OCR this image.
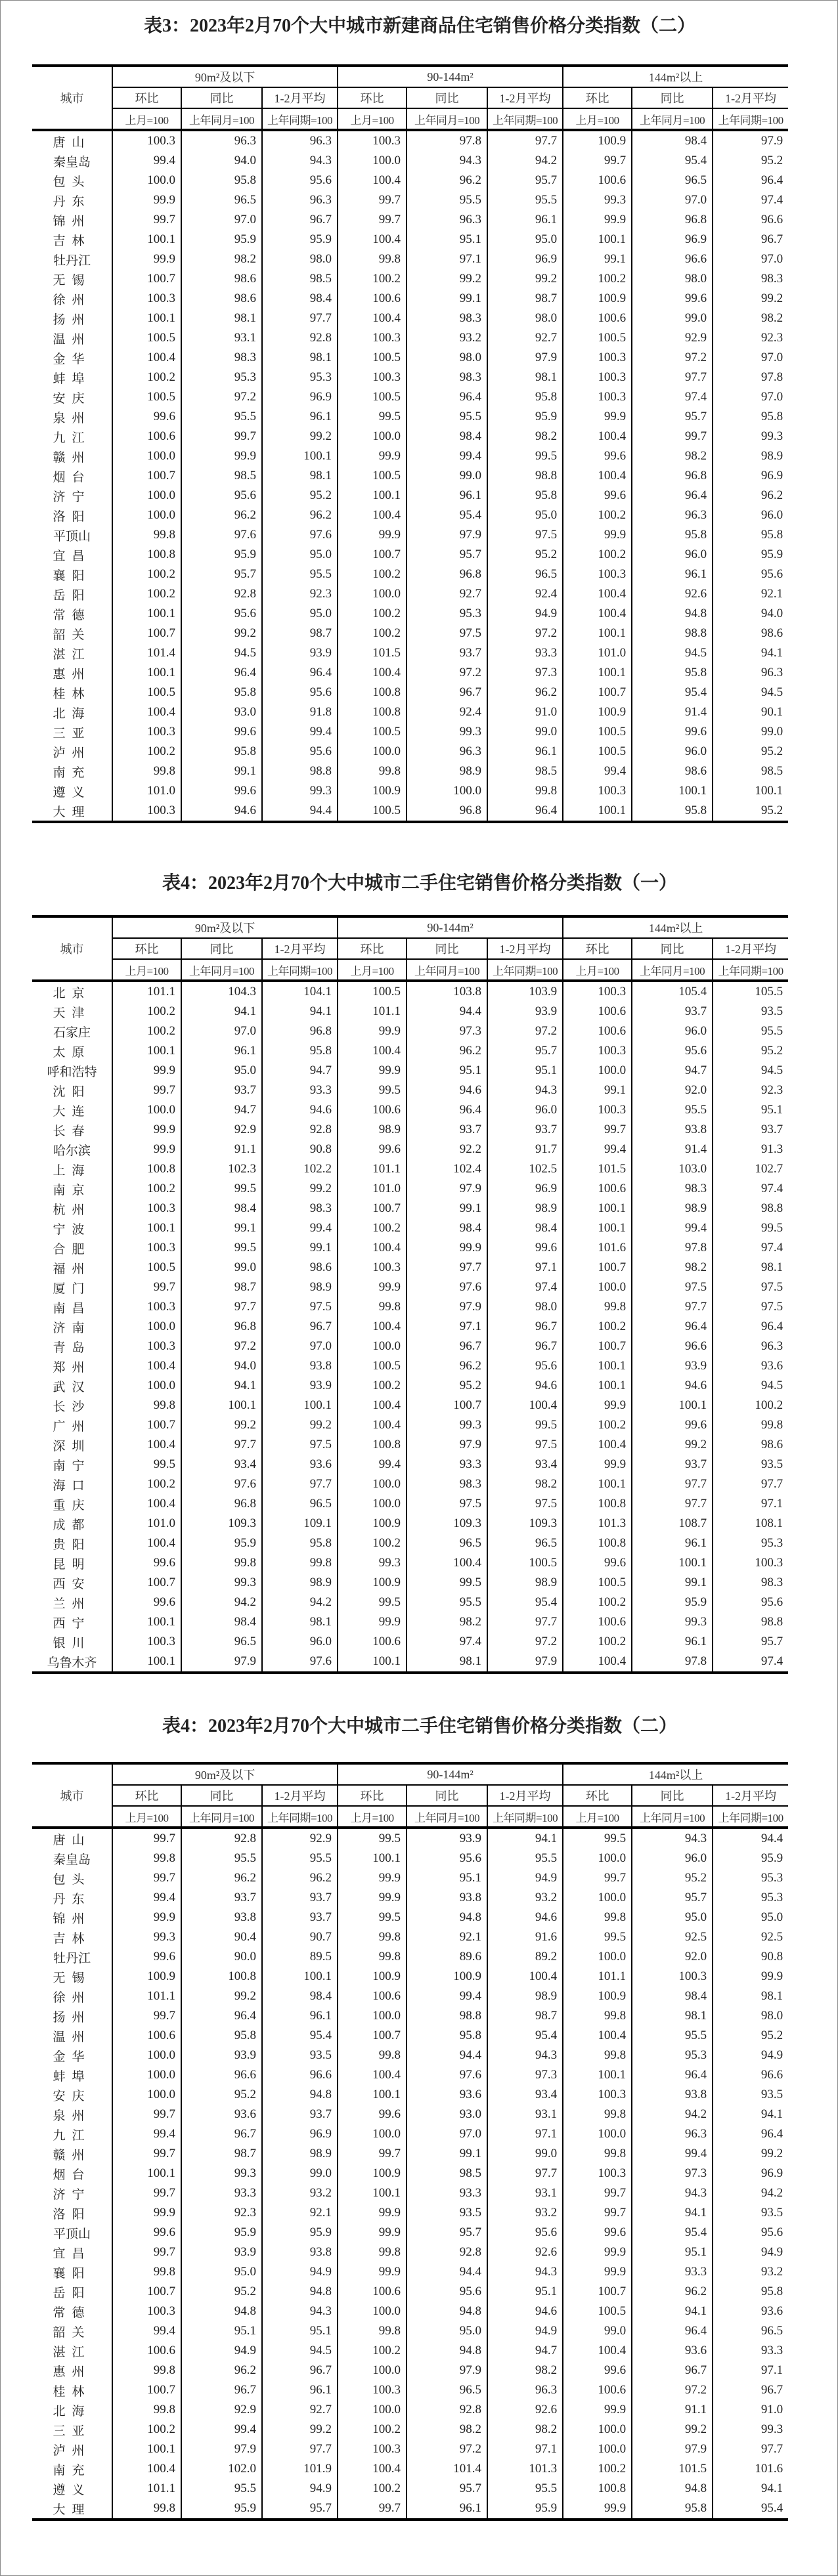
表3：2023年2月70个大中城市新建商品住宅销售价格分类指数（二）
城市	90m²及以下			90-144m²			144m²以上		
	环比	同比	1-2月平均	环比	同比	1-2月平均	环比	同比	1-2月平均
	上月=100	上年同月=100	上年同期=100	上月=100	上年同月=100	上年同期=100	上月=100	上年同月=100	上年同期=100
唐山	100.3	96.3	96.3	100.3	97.8	97.7	100.9	98.4	97.9
秦皇岛	99.4	94.0	94.3	100.0	94.3	94.2	99.7	95.4	95.2
包头	100.0	95.8	95.6	100.4	96.2	95.7	100.6	96.5	96.4
丹东	99.9	96.5	96.3	99.7	95.5	95.5	99.3	97.0	97.4
锦州	99.7	97.0	96.7	99.7	96.3	96.1	99.9	96.8	96.6
吉林	100.1	95.9	95.9	100.4	95.1	95.0	100.1	96.9	96.7
牡丹江	99.9	98.2	98.0	99.8	97.1	96.9	99.1	96.6	97.0
无锡	100.7	98.6	98.5	100.2	99.2	99.2	100.2	98.0	98.3
徐州	100.3	98.6	98.4	100.6	99.1	98.7	100.9	99.6	99.2
扬州	100.1	98.1	97.7	100.4	98.3	98.0	100.6	99.0	98.2
温州	100.5	93.1	92.8	100.3	93.2	92.7	100.5	92.9	92.3
金华	100.4	98.3	98.1	100.5	98.0	97.9	100.3	97.2	97.0
蚌埠	100.2	95.3	95.3	100.3	98.3	98.1	100.3	97.7	97.8
安庆	100.5	97.2	96.9	100.5	96.4	95.8	100.3	97.4	97.0
泉州	99.6	95.5	96.1	99.5	95.5	95.9	99.9	95.7	95.8
九江	100.6	99.7	99.2	100.0	98.4	98.2	100.4	99.7	99.3
赣州	100.0	99.9	100.1	99.9	99.4	99.5	99.6	98.2	98.9
烟台	100.7	98.5	98.1	100.5	99.0	98.8	100.4	96.8	96.9
济宁	100.0	95.6	95.2	100.1	96.1	95.8	99.6	96.4	96.2
洛阳	100.0	96.2	96.2	100.4	95.4	95.0	100.2	96.3	96.0
平顶山	99.8	97.6	97.6	99.9	97.9	97.5	99.9	95.8	95.8
宜昌	100.8	95.9	95.0	100.7	95.7	95.2	100.2	96.0	95.9
襄阳	100.2	95.7	95.5	100.2	96.8	96.5	100.3	96.1	95.6
岳阳	100.2	92.8	92.3	100.0	92.7	92.4	100.4	92.6	92.1
常德	100.1	95.6	95.0	100.2	95.3	94.9	100.4	94.8	94.0
韶关	100.7	99.2	98.7	100.2	97.5	97.2	100.1	98.8	98.6
湛江	101.4	94.5	93.9	101.5	93.7	93.3	101.0	94.5	94.1
惠州	100.1	96.4	96.4	100.4	97.2	97.3	100.1	95.8	96.3
桂林	100.5	95.8	95.6	100.8	96.7	96.2	100.7	95.4	94.5
北海	100.4	93.0	91.8	100.8	92.4	91.0	100.9	91.4	90.1
三亚	100.3	99.6	99.4	100.5	99.3	99.0	100.5	99.6	99.0
泸州	100.2	95.8	95.6	100.0	96.3	96.1	100.5	96.0	95.2
南充	99.8	99.1	98.8	99.8	98.9	98.5	99.4	98.6	98.5
遵义	101.0	99.6	99.3	100.9	100.0	99.8	100.3	100.1	100.1
大理	100.3	94.6	94.4	100.5	96.8	96.4	100.1	95.8	95.2
表4：2023年2月70个大中城市二手住宅销售价格分类指数（一）
城市	90m²及以下			90-144m²			144m²以上		
	环比	同比	1-2月平均	环比	同比	1-2月平均	环比	同比	1-2月平均
	上月=100	上年同月=100	上年同期=100	上月=100	上年同月=100	上年同期=100	上月=100	上年同月=100	上年同期=100
北京	101.1	104.3	104.1	100.5	103.8	103.9	100.3	105.4	105.5
天津	100.2	94.1	94.1	101.1	94.4	93.9	100.6	93.7	93.5
石家庄	100.2	97.0	96.8	99.9	97.3	97.2	100.6	96.0	95.5
太原	100.1	96.1	95.8	100.4	96.2	95.7	100.3	95.6	95.2
呼和浩特	99.9	95.0	94.7	99.9	95.1	95.1	100.0	94.7	94.5
沈阳	99.7	93.7	93.3	99.5	94.6	94.3	99.1	92.0	92.3
大连	100.0	94.7	94.6	100.6	96.4	96.0	100.3	95.5	95.1
长春	99.9	92.9	92.8	98.9	93.7	93.7	99.7	93.8	93.7
哈尔滨	99.9	91.1	90.8	99.6	92.2	91.7	99.4	91.4	91.3
上海	100.8	102.3	102.2	101.1	102.4	102.5	101.5	103.0	102.7
南京	100.2	99.5	99.2	101.0	97.9	96.9	100.6	98.3	97.4
杭州	100.3	98.4	98.3	100.7	99.1	98.9	100.1	98.9	98.8
宁波	100.1	99.1	99.4	100.2	98.4	98.4	100.1	99.4	99.5
合肥	100.3	99.5	99.1	100.4	99.9	99.6	101.6	97.8	97.4
福州	100.5	99.0	98.6	100.3	97.7	97.1	100.7	98.2	98.1
厦门	99.7	98.7	98.9	99.9	97.6	97.4	100.0	97.5	97.5
南昌	100.3	97.7	97.5	99.8	97.9	98.0	99.8	97.7	97.5
济南	100.0	96.8	96.7	100.4	97.1	96.7	100.2	96.4	96.4
青岛	100.3	97.2	97.0	100.0	96.7	96.7	100.7	96.6	96.3
郑州	100.4	94.0	93.8	100.5	96.2	95.6	100.1	93.9	93.6
武汉	100.0	94.1	93.9	100.2	95.2	94.6	100.1	94.6	94.5
长沙	99.8	100.1	100.1	100.4	100.7	100.4	99.9	100.1	100.2
广州	100.7	99.2	99.2	100.4	99.3	99.5	100.2	99.6	99.8
深圳	100.4	97.7	97.5	100.8	97.9	97.5	100.4	99.2	98.6
南宁	99.5	93.4	93.6	99.4	93.3	93.4	99.9	93.7	93.5
海口	100.2	97.6	97.7	100.0	98.3	98.2	100.1	97.7	97.7
重庆	100.4	96.8	96.5	100.0	97.5	97.5	100.8	97.7	97.1
成都	101.0	109.3	109.1	100.9	109.3	109.3	101.3	108.7	108.1
贵阳	100.4	95.9	95.8	100.2	96.5	96.5	100.8	96.1	95.3
昆明	99.6	99.8	99.8	99.3	100.4	100.5	99.6	100.1	100.3
西安	100.7	99.3	98.9	100.9	99.5	98.9	100.5	99.1	98.3
兰州	99.6	94.2	94.2	99.5	95.5	95.4	100.2	95.9	95.6
西宁	100.1	98.4	98.1	99.9	98.2	97.7	100.6	99.3	98.8
银川	100.3	96.5	96.0	100.6	97.4	97.2	100.2	96.1	95.7
乌鲁木齐	100.1	97.9	97.6	100.1	98.1	97.9	100.4	97.8	97.4
表4：2023年2月70个大中城市二手住宅销售价格分类指数（二）
城市	90m²及以下			90-144m²			144m²以上		
	环比	同比	1-2月平均	环比	同比	1-2月平均	环比	同比	1-2月平均
	上月=100	上年同月=100	上年同期=100	上月=100	上年同月=100	上年同期=100	上月=100	上年同月=100	上年同期=100
唐山	99.7	92.8	92.9	99.5	93.9	94.1	99.5	94.3	94.4
秦皇岛	99.8	95.5	95.5	100.1	95.6	95.5	100.0	96.0	95.9
包头	99.7	96.2	96.2	99.9	95.1	94.9	99.7	95.2	95.3
丹东	99.4	93.7	93.7	99.9	93.8	93.2	100.0	95.7	95.3
锦州	99.9	93.8	93.7	99.5	94.8	94.6	99.8	95.0	95.0
吉林	99.3	90.4	90.7	99.8	92.1	91.6	99.5	92.5	92.5
牡丹江	99.6	90.0	89.5	99.8	89.6	89.2	100.0	92.0	90.8
无锡	100.9	100.8	100.1	100.9	100.9	100.4	101.1	100.3	99.9
徐州	101.1	99.2	98.4	100.6	99.4	98.9	100.9	98.4	98.1
扬州	99.7	96.4	96.1	100.0	98.8	98.7	99.8	98.1	98.0
温州	100.6	95.8	95.4	100.7	95.8	95.4	100.4	95.5	95.2
金华	100.0	93.9	93.5	99.8	94.4	94.3	99.8	95.3	94.9
蚌埠	100.0	96.6	96.6	100.4	97.6	97.3	100.1	96.4	96.6
安庆	100.0	95.2	94.8	100.1	93.6	93.4	100.3	93.8	93.5
泉州	99.7	93.6	93.7	99.6	93.0	93.1	99.8	94.2	94.1
九江	99.4	96.7	96.9	100.0	97.0	97.1	100.0	96.3	96.4
赣州	99.7	98.7	98.9	99.7	99.1	99.0	99.8	99.4	99.2
烟台	100.1	99.3	99.0	100.9	98.5	97.7	100.3	97.3	96.9
济宁	99.7	93.3	93.2	100.1	93.3	93.1	99.7	94.3	94.2
洛阳	99.9	92.3	92.1	99.9	93.5	93.2	99.7	94.1	93.5
平顶山	99.6	95.9	95.9	99.9	95.7	95.6	99.6	95.4	95.6
宜昌	99.7	93.9	93.8	99.8	92.8	92.6	99.9	95.1	94.9
襄阳	99.8	95.0	94.9	99.9	94.4	94.3	99.9	93.3	93.2
岳阳	100.7	95.2	94.8	100.6	95.6	95.1	100.7	96.2	95.8
常德	100.3	94.8	94.3	100.0	94.8	94.6	100.5	94.1	93.6
韶关	99.4	95.1	95.1	99.8	95.0	94.9	99.0	96.4	96.5
湛江	100.6	94.9	94.5	100.2	94.8	94.7	100.4	93.6	93.3
惠州	99.8	96.2	96.7	100.0	97.9	98.2	99.6	96.7	97.1
桂林	100.7	96.7	96.1	100.3	96.5	96.3	100.6	97.2	96.7
北海	99.8	92.9	92.7	100.0	92.8	92.6	99.9	91.1	91.0
三亚	100.2	99.4	99.2	100.2	98.2	98.2	100.0	99.2	99.3
泸州	100.1	97.9	97.7	100.3	97.2	97.1	100.0	97.9	97.7
南充	100.4	102.0	101.9	100.4	101.4	101.3	100.2	101.5	101.6
遵义	101.1	95.5	94.9	100.2	95.7	95.5	100.8	94.8	94.1
大理	99.8	95.9	95.7	99.7	96.1	95.9	99.9	95.8	95.4
